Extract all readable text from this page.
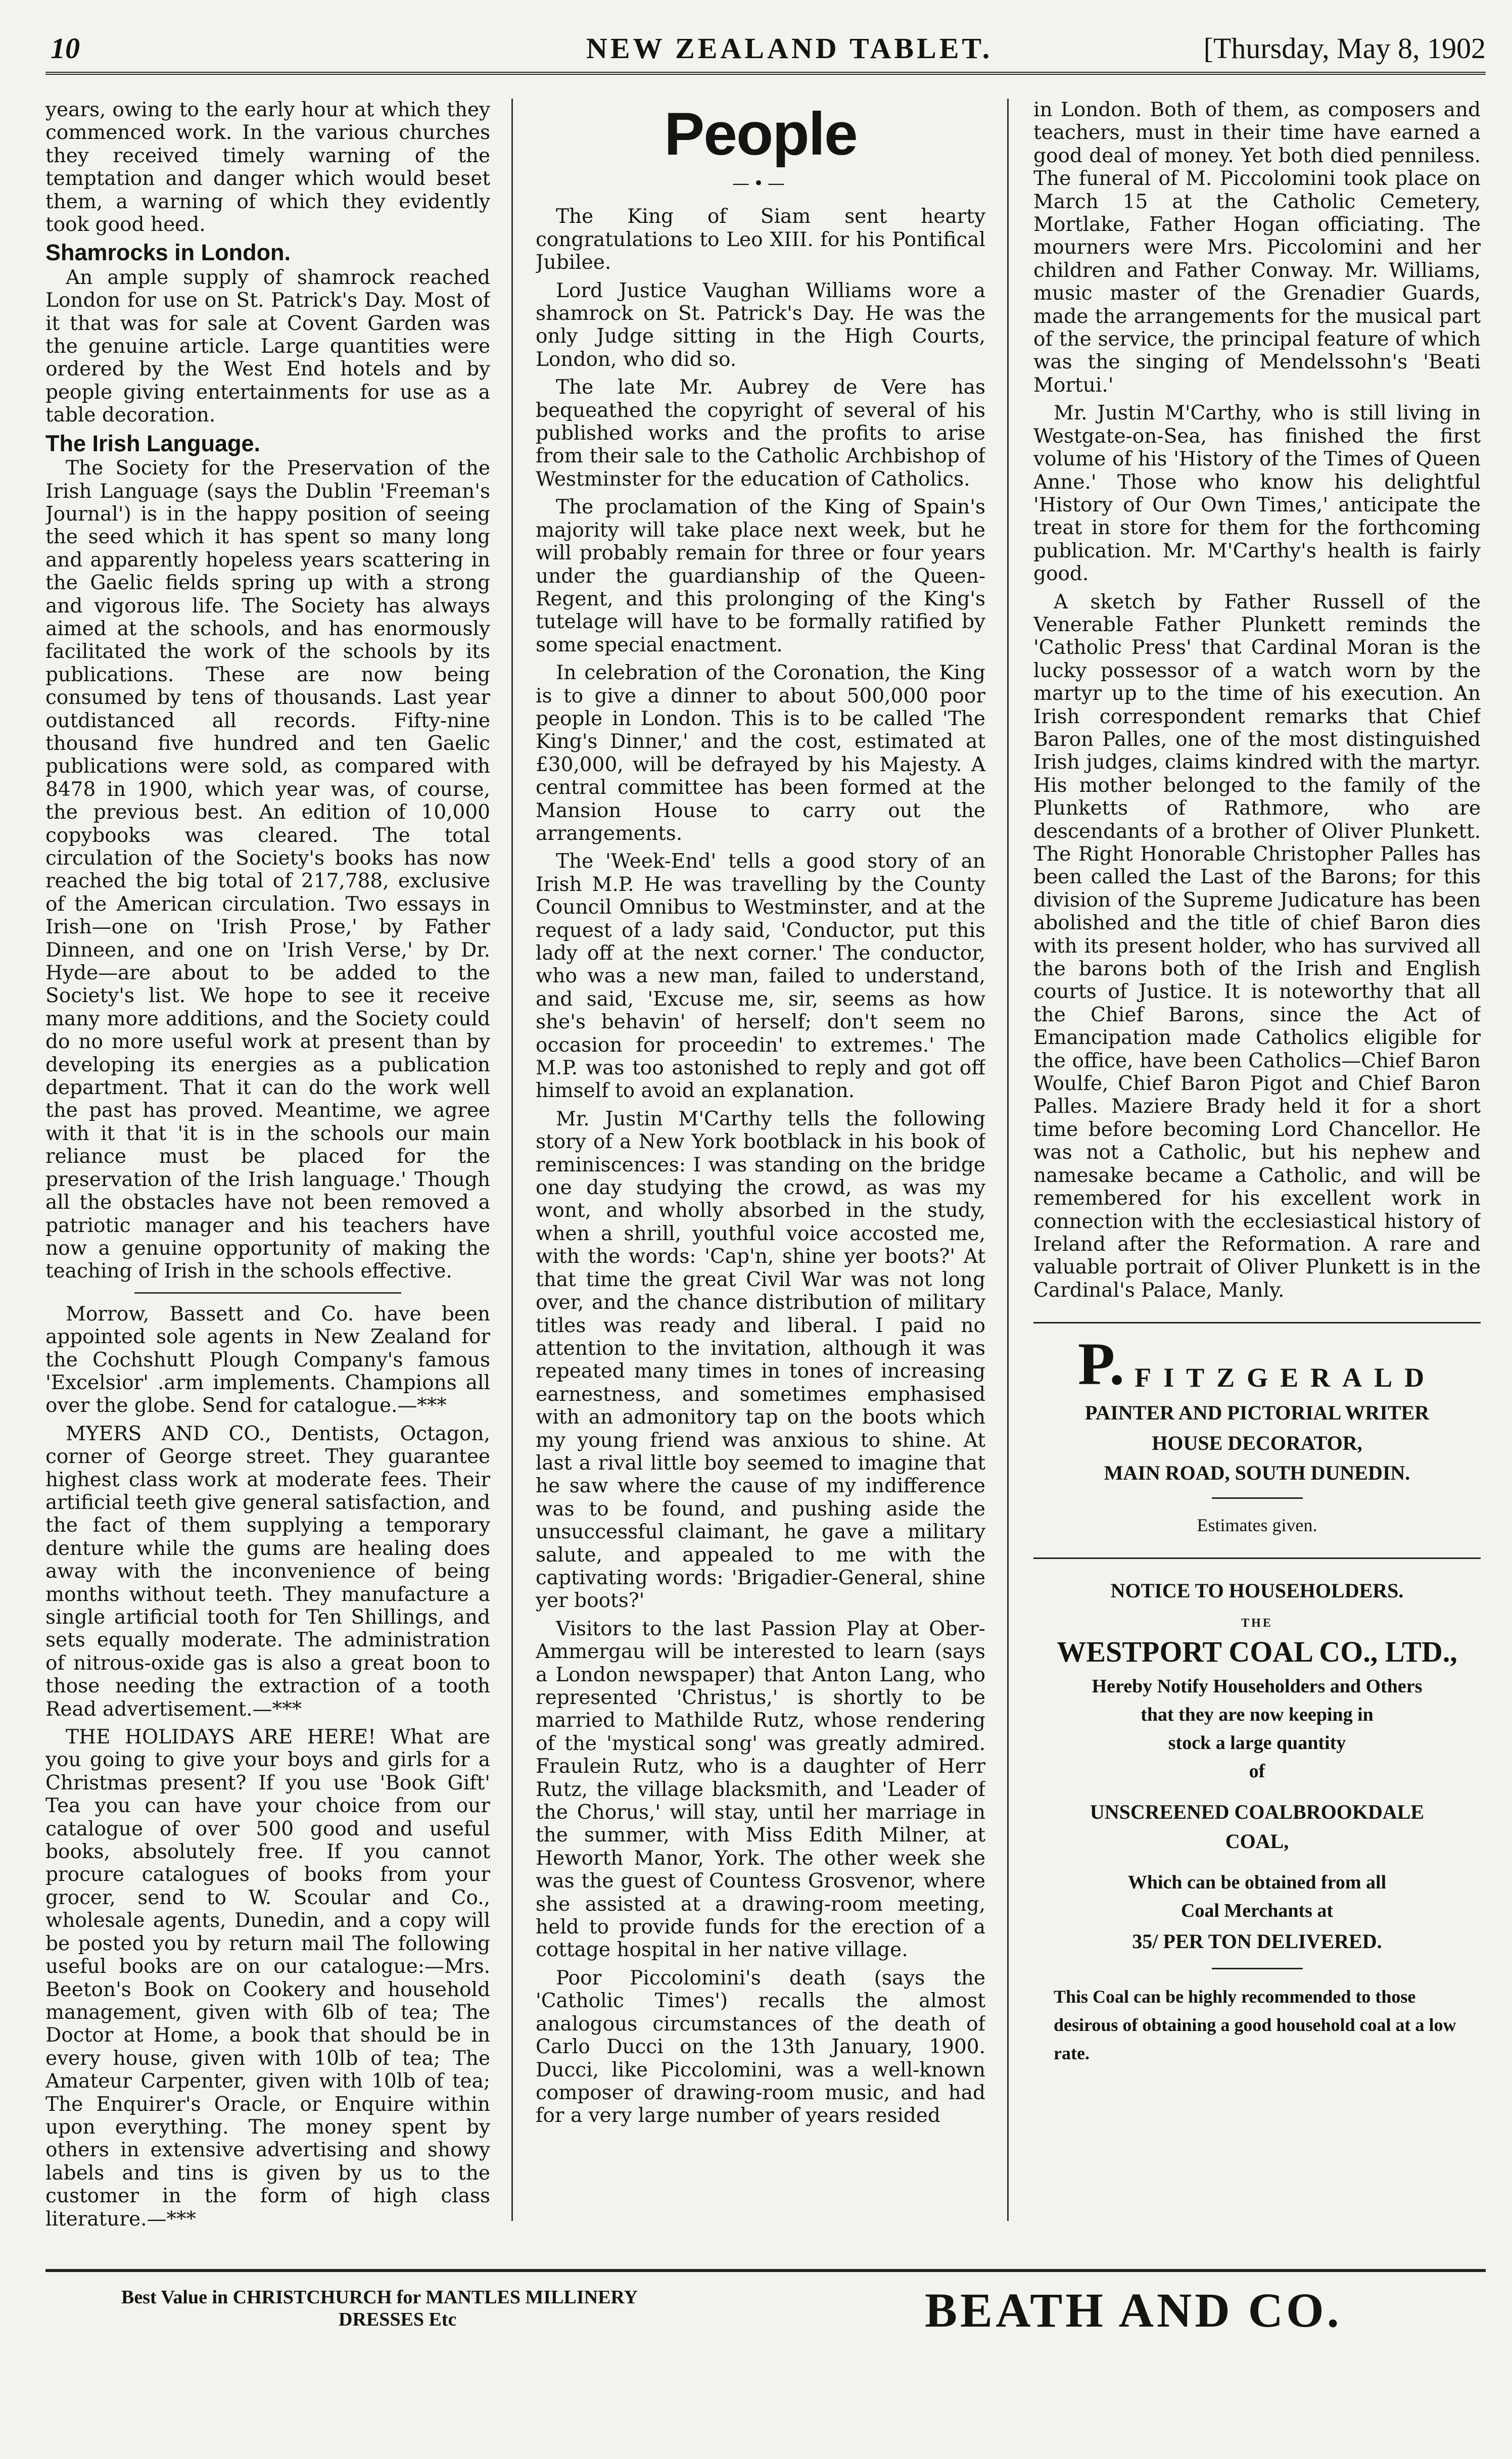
10	NEW ZEALAND TABLET.	[Thursday, May 8, 1902

years, owing to the early hour at which they commenced work. In the various churches they received timely warning of the temptation and danger which would beset them, a warning of which they evidently took good heed.

Shamrocks in London.

An ample supply of shamrock reached London for use on St. Patrick's Day. Most of it that was for sale at Covent Garden was the genuine article. Large quantities were ordered by the West End hotels and by people giving entertainments for use as a table decoration.

The Irish Language.

The Society for the Preservation of the Irish Language (says the Dublin 'Freeman's Journal') is in the happy position of seeing the seed which it has spent so many long and apparently hopeless years scattering in the Gaelic fields spring up with a strong and vigorous life. The Society has always aimed at the schools, and has enormously facilitated the work of the schools by its publications. These are now being consumed by tens of thousands. Last year outdistanced all records. Fifty-nine thousand five hundred and ten Gaelic publications were sold, as compared with 8478 in 1900, which year was, of course, the previous best. An edition of 10,000 copybooks was cleared. The total circulation of the Society's books has now reached the big total of 217,788, exclusive of the American circulation. Two essays in Irish—one on 'Irish Prose,' by Father Dinneen, and one on 'Irish Verse,' by Dr. Hyde—are about to be added to the Society's list. We hope to see it receive many more additions, and the Society could do no more useful work at present than by developing its energies as a publication department. That it can do the work well the past has proved. Meantime, we agree with it that 'it is in the schools our main reliance must be placed for the preservation of the Irish language.' Though all the obstacles have not been removed a patriotic manager and his teachers have now a genuine opportunity of making the teaching of Irish in the schools effective.

Morrow, Bassett and Co. have been appointed sole agents in New Zealand for the Cochshutt Plough Company's famous 'Excelsior' .arm implements. Champions all over the globe. Send for catalogue.—***

MYERS AND CO., Dentists, Octagon, corner of George street. They guarantee highest class work at moderate fees. Their artificial teeth give general satisfaction, and the fact of them supplying a temporary denture while the gums are healing does away with the inconvenience of being months without teeth. They manufacture a single artificial tooth for Ten Shillings, and sets equally moderate. The administration of nitrous-oxide gas is also a great boon to those needing the extraction of a tooth Read advertisement.—***

THE HOLIDAYS ARE HERE! What are you going to give your boys and girls for a Christmas present? If you use 'Book Gift' Tea you can have your choice from our catalogue of over 500 good and useful books, absolutely free. If you cannot procure catalogues of books from your grocer, send to W. Scoular and Co., wholesale agents, Dunedin, and a copy will be posted you by return mail The following useful books are on our catalogue:—Mrs. Beeton's Book on Cookery and household management, given with 6lb of tea; The Doctor at Home, a book that should be in every house, given with 10lb of tea; The Amateur Carpenter, given with 10lb of tea; The Enquirer's Oracle, or Enquire within upon everything. The money spent by others in extensive advertising and showy labels and tins is given by us to the customer in the form of high class literature.—***

People
—•—

The King of Siam sent hearty congratulations to Leo XIII. for his Pontifical Jubilee.

Lord Justice Vaughan Williams wore a shamrock on St. Patrick's Day. He was the only Judge sitting in the High Courts, London, who did so.

The late Mr. Aubrey de Vere has bequeathed the copyright of several of his published works and the profits to arise from their sale to the Catholic Archbishop of Westminster for the education of Catholics.

The proclamation of the King of Spain's majority will take place next week, but he will probably remain for three or four years under the guardianship of the Queen-Regent, and this prolonging of the King's tutelage will have to be formally ratified by some special enactment.

In celebration of the Coronation, the King is to give a dinner to about 500,000 poor people in London. This is to be called 'The King's Dinner,' and the cost, estimated at £30,000, will be defrayed by his Majesty. A central committee has been formed at the Mansion House to carry out the arrangements.

The 'Week-End' tells a good story of an Irish M.P. He was travelling by the County Council Omnibus to Westminster, and at the request of a lady said, 'Conductor, put this lady off at the next corner.' The conductor, who was a new man, failed to understand, and said, 'Excuse me, sir, seems as how she's behavin' of herself; don't seem no occasion for proceedin' to extremes.' The M.P. was too astonished to reply and got off himself to avoid an explanation.

Mr. Justin M'Carthy tells the following story of a New York bootblack in his book of reminiscences: I was standing on the bridge one day studying the crowd, as was my wont, and wholly absorbed in the study, when a shrill, youthful voice accosted me, with the words: 'Cap'n, shine yer boots?' At that time the great Civil War was not long over, and the chance distribution of military titles was ready and liberal. I paid no attention to the invitation, although it was repeated many times in tones of increasing earnestness, and sometimes emphasised with an admonitory tap on the boots which my young friend was anxious to shine. At last a rival little boy seemed to imagine that he saw where the cause of my indifference was to be found, and pushing aside the unsuccessful claimant, he gave a military salute, and appealed to me with the captivating words: 'Brigadier-General, shine yer boots?'

Visitors to the last Passion Play at Ober-Ammergau will be interested to learn (says a London newspaper) that Anton Lang, who represented 'Christus,' is shortly to be married to Mathilde Rutz, whose rendering of the 'mystical song' was greatly admired. Fraulein Rutz, who is a daughter of Herr Rutz, the village blacksmith, and 'Leader of the Chorus,' will stay, until her marriage in the summer, with Miss Edith Milner, at Heworth Manor, York. The other week she was the guest of Countess Grosvenor, where she assisted at a drawing-room meeting, held to provide funds for the erection of a cottage hospital in her native village.

Poor Piccolomini's death (says the 'Catholic Times') recalls the almost analogous circumstances of the death of Carlo Ducci on the 13th January, 1900. Ducci, like Piccolomini, was a well-known composer of drawing-room music, and had for a very large number of years resided

in London. Both of them, as composers and teachers, must in their time have earned a good deal of money. Yet both died penniless. The funeral of M. Piccolomini took place on March 15 at the Catholic Cemetery, Mortlake, Father Hogan officiating. The mourners were Mrs. Piccolomini and her children and Father Conway. Mr. Williams, music master of the Grenadier Guards, made the arrangements for the musical part of the service, the principal feature of which was the singing of Mendelssohn's 'Beati Mortui.'

Mr. Justin M'Carthy, who is still living in Westgate-on-Sea, has finished the first volume of his 'History of the Times of Queen Anne.' Those who know his delightful 'History of Our Own Times,' anticipate the treat in store for them for the forthcoming publication. Mr. M'Carthy's health is fairly good.

A sketch by Father Russell of the Venerable Father Plunkett reminds the 'Catholic Press' that Cardinal Moran is the lucky possessor of a watch worn by the martyr up to the time of his execution. An Irish correspondent remarks that Chief Baron Palles, one of the most distinguished Irish judges, claims kindred with the martyr. His mother belonged to the family of the Plunketts of Rathmore, who are descendants of a brother of Oliver Plunkett. The Right Honorable Christopher Palles has been called the Last of the Barons; for this division of the Supreme Judicature has been abolished and the title of chief Baron dies with its present holder, who has survived all the barons both of the Irish and English courts of Justice. It is noteworthy that all the Chief Barons, since the Act of Emancipation made Catholics eligible for the office, have been Catholics—Chief Baron Woulfe, Chief Baron Pigot and Chief Baron Palles. Maziere Brady held it for a short time before becoming Lord Chancellor. He was not a Catholic, but his nephew and namesake became a Catholic, and will be remembered for his excellent work in connection with the ecclesiastical history of Ireland after the Reformation. A rare and valuable portrait of Oliver Plunkett is in the Cardinal's Palace, Manly.

P. FITZGERALD
PAINTER AND PICTORIAL WRITER
HOUSE DECORATOR,
MAIN ROAD, SOUTH DUNEDIN.
Estimates given.
NOTICE TO HOUSEHOLDERS.
THE
WESTPORT COAL CO., LTD.,
Hereby Notify Householders and Others
that they are now keeping in
stock a large quantity
of
UNSCREENED COALBROOKDALE
COAL,
Which can be obtained from all
Coal Merchants at
35/ PER TON DELIVERED.
This Coal can be highly recommended to those desirous of obtaining a good household coal at a low rate.
Best Value in CHRISTCHURCH for MANTLES MILLINERY
DRESSES Etc	BEATH AND CO.
